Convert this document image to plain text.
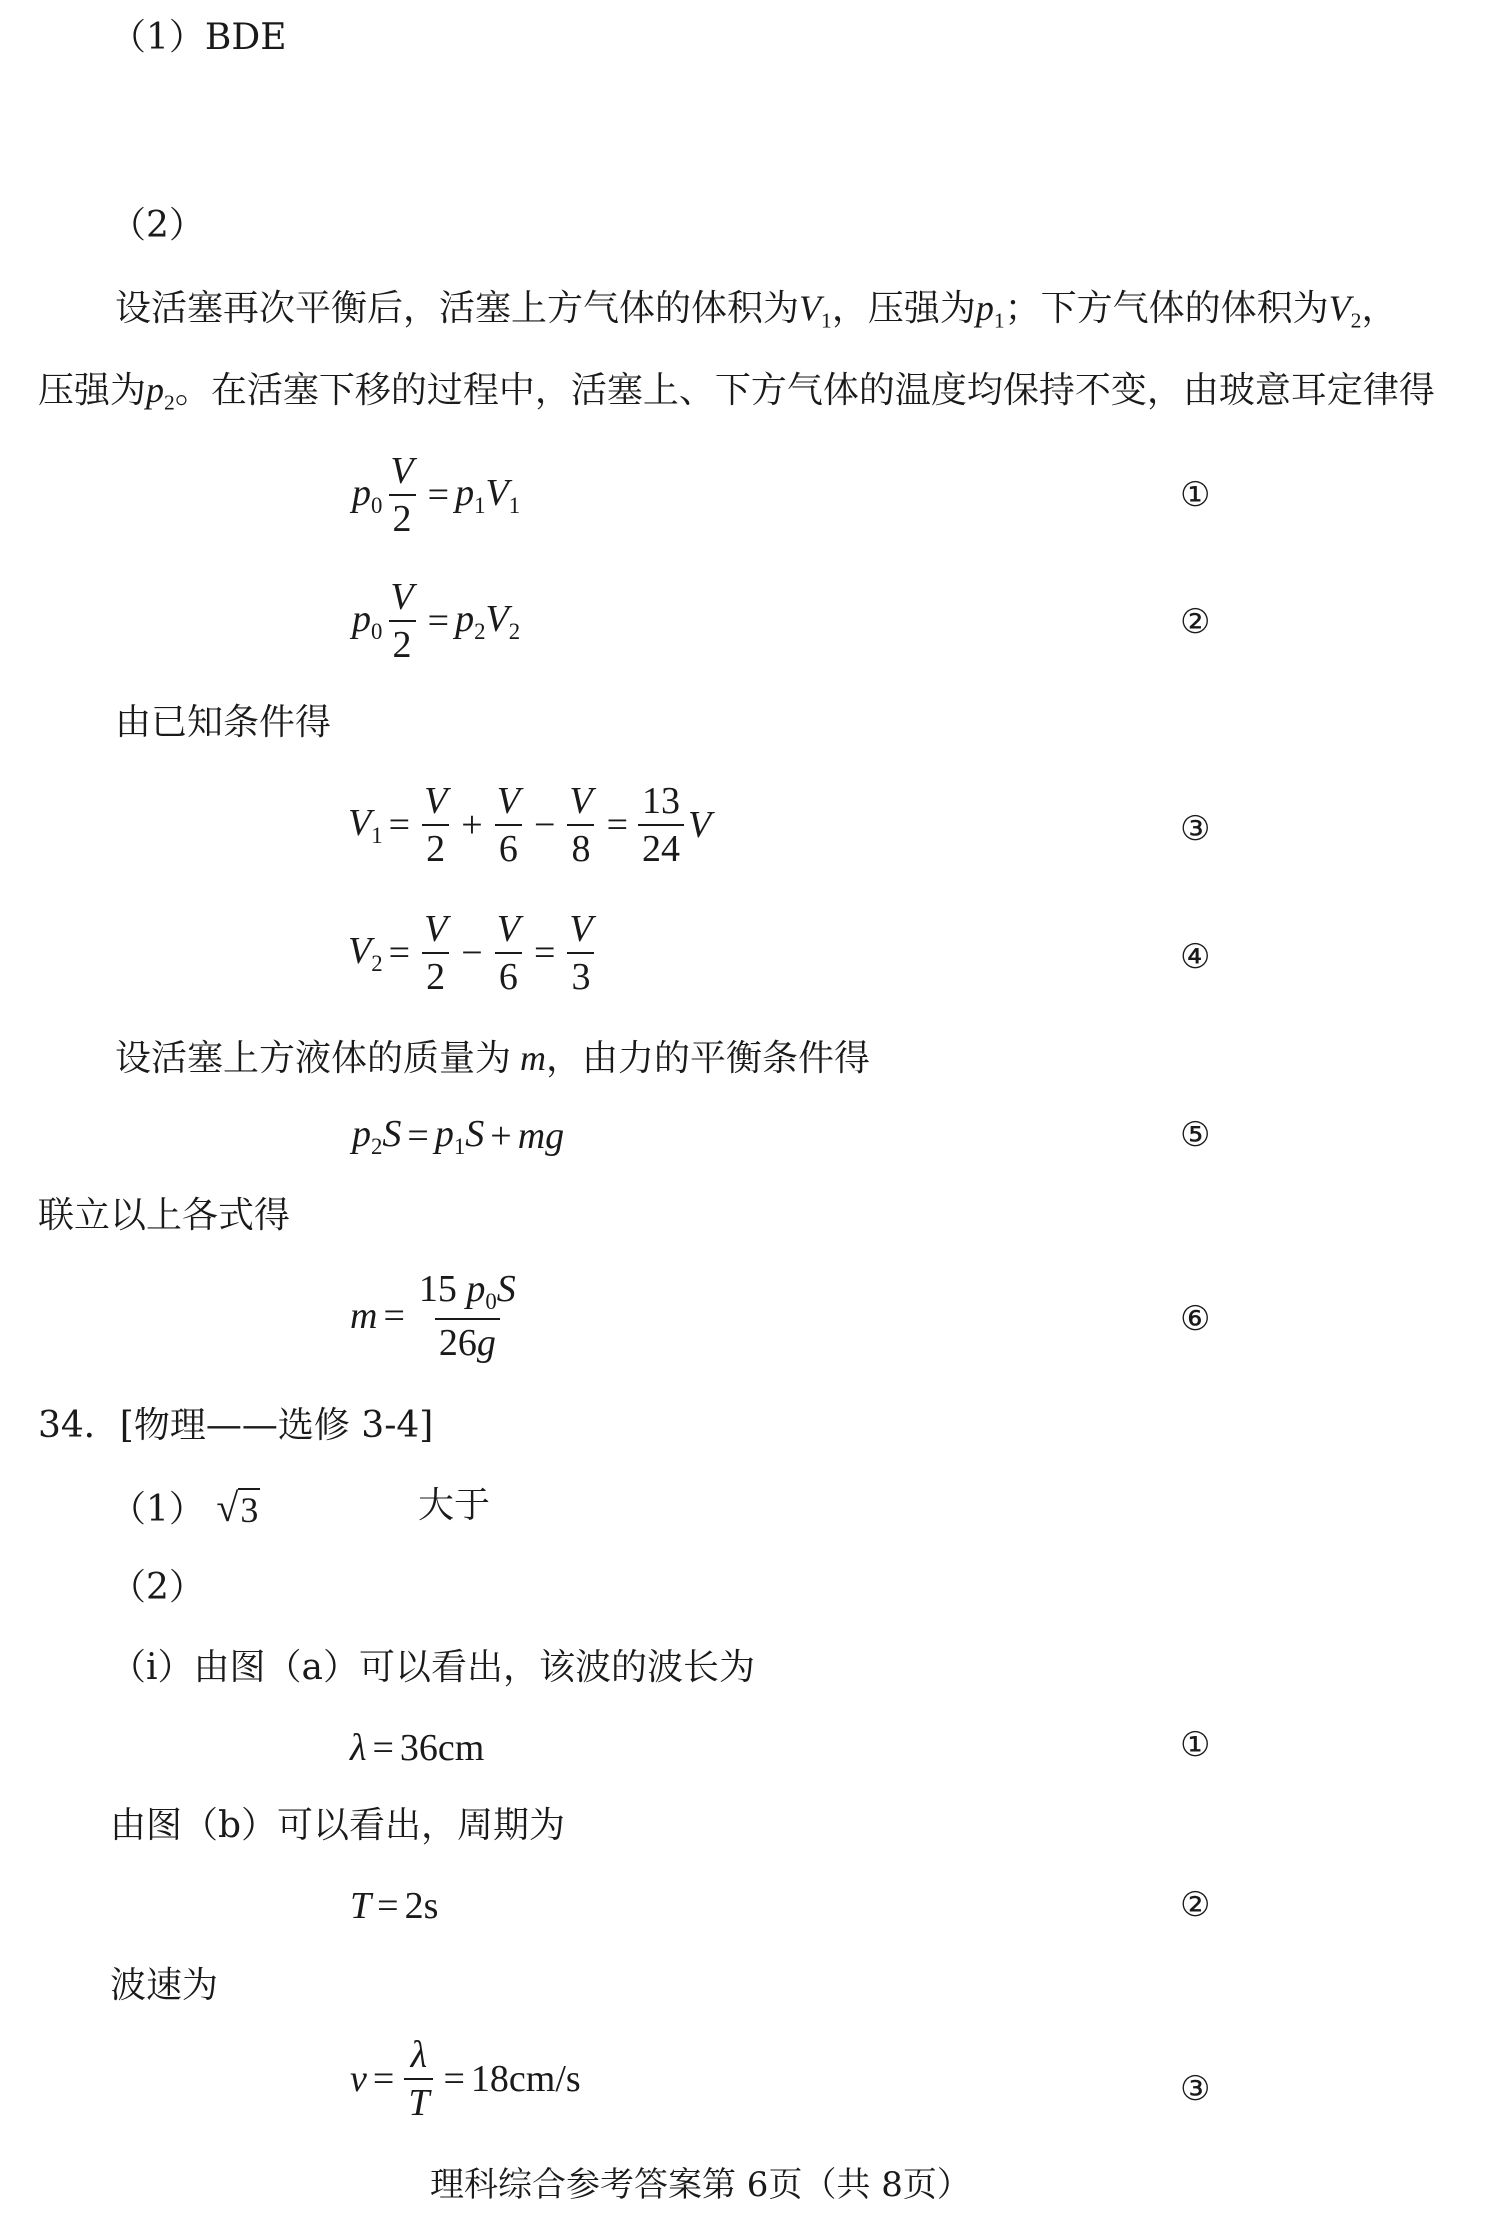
（1）BDE
（2）
设活塞再次平衡后，活塞上方气体的体积为$V_1$，压强为$p_1$；下方气体的体积为$V_2$，
压强为$p_2$。在活塞下移的过程中，活塞上、下方气体的温度均保持不变，由玻意耳定律得
$p_0 \frac{V}{2} = p_1V_1$	①
$p_0 \frac{V}{2} = p_2V_2$	②
由已知条件得
$V_1 = \frac{V}{2} + \frac{V}{6} - \frac{V}{8} = \frac{13}{24}$ V	③
$V_2 = \frac{V}{2} - \frac{V}{6} = \frac{V}{3}$	④
设活塞上方液体的质量为 m，由力的平衡条件得
$p_2S = p_1S$ + mg	⑤
联立以上各式得
$m = \frac{15 p_0S}{26g}$	⑥
34．[物理——选修 3-4]
（1） √ 3	大于
（2）
（i）由图（a）可以看出，该波的波长为
λ = 36cm	①
由图（b）可以看出，周期为
T = 2s	②
波速为
$v = \frac{\lambda}{T} = 18cm/s$	③
理科综合参考答案第 6页（共 8页）
